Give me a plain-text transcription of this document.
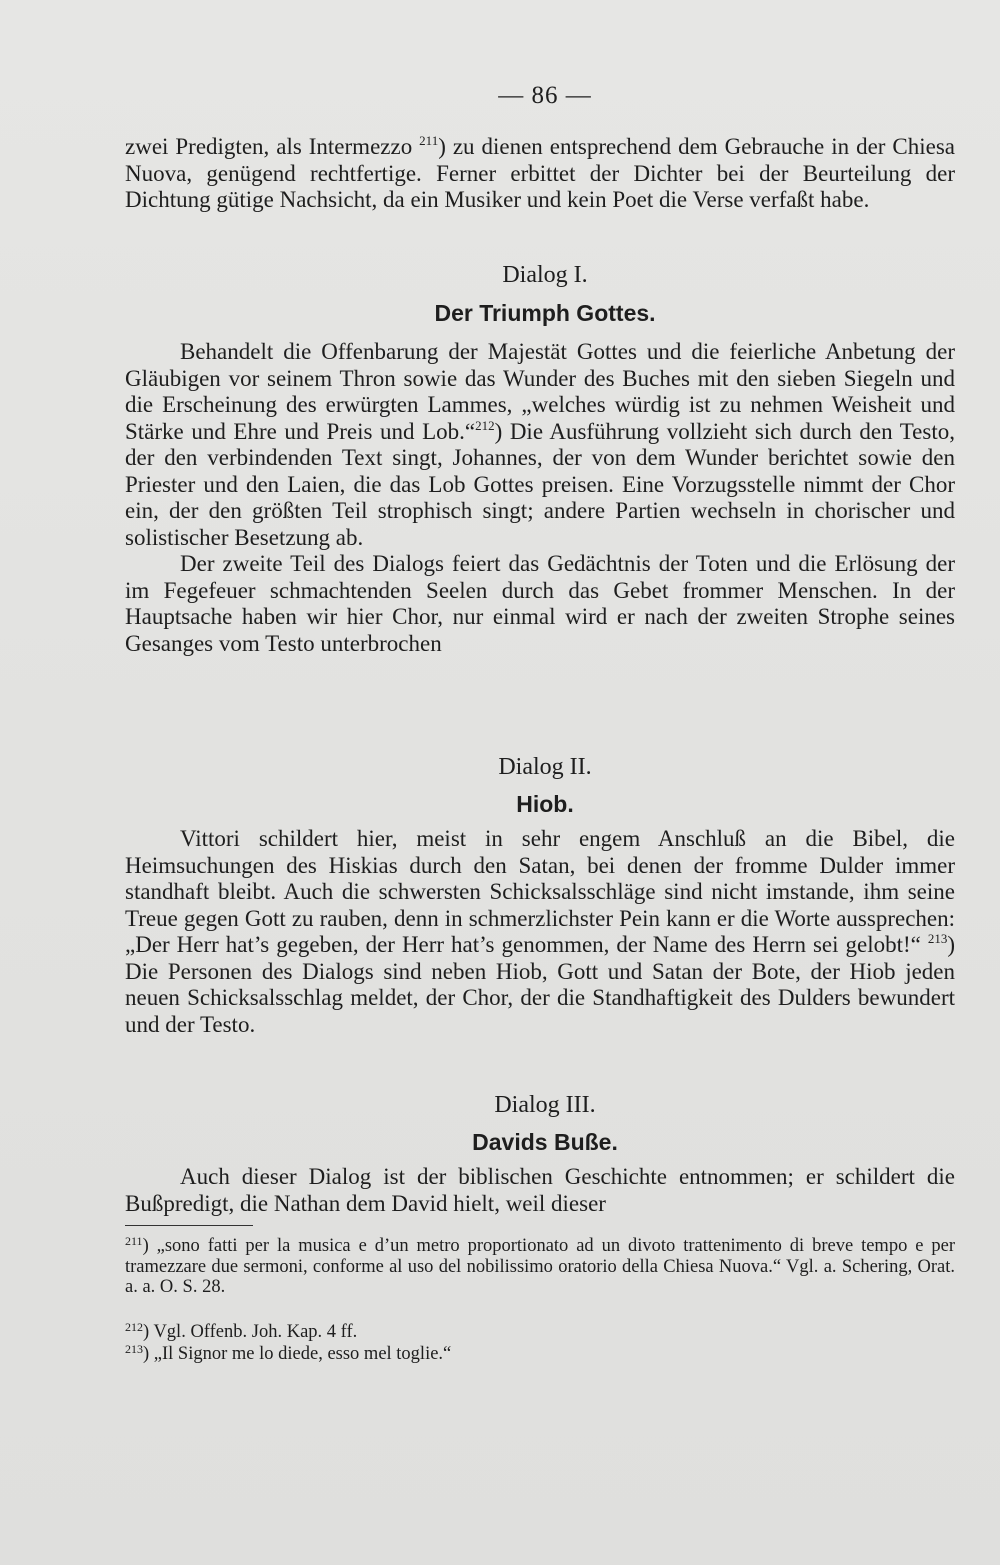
— 86 —

zwei Predigten, als Intermezzo $^{211}$) zu dienen entsprechend dem Gebrauche in der Chiesa Nuova, genügend rechtfertige. Ferner erbittet der Dichter bei der Beurteilung der Dichtung gütige Nachsicht, da ein Musiker und kein Poet die Verse verfaßt habe.

Dialog I.
Der Triumph Gottes.

Behandelt die Offenbarung der Majestät Gottes und die feierliche Anbetung der Gläubigen vor seinem Thron sowie das Wunder des Buches mit den sieben Siegeln und die Erscheinung des erwürgten Lammes, „welches würdig ist zu nehmen Weisheit und Stärke und Ehre und Preis und Lob.“$^{212}$) Die Ausführung vollzieht sich durch den Testo, der den verbindenden Text singt, Johannes, der von dem Wunder berichtet sowie den Priester und den Laien, die das Lob Gottes preisen. Eine Vorzugsstelle nimmt der Chor ein, der den größten Teil strophisch singt; andere Partien wechseln in chorischer und solistischer Besetzung ab.

Der zweite Teil des Dialogs feiert das Gedächtnis der Toten und die Erlösung der im Fegefeuer schmachtenden Seelen durch das Gebet frommer Menschen. In der Hauptsache haben wir hier Chor, nur einmal wird er nach der zweiten Strophe seines Gesanges vom Testo unterbrochen

Dialog II.
Hiob.

Vittori schildert hier, meist in sehr engem Anschluß an die Bibel, die Heimsuchungen des Hiskias durch den Satan, bei denen der fromme Dulder immer standhaft bleibt. Auch die schwersten Schicksalsschläge sind nicht imstande, ihm seine Treue gegen Gott zu rauben, denn in schmerzlichster Pein kann er die Worte aussprechen: „Der Herr hat’s gegeben, der Herr hat’s genommen, der Name des Herrn sei gelobt!“ $^{213}$) Die Personen des Dialogs sind neben Hiob, Gott und Satan der Bote, der Hiob jeden neuen Schicksalsschlag meldet, der Chor, der die Standhaftigkeit des Dulders bewundert und der Testo.

Dialog III.
Davids Buße.

Auch dieser Dialog ist der biblischen Geschichte entnommen; er schildert die Bußpredigt, die Nathan dem David hielt, weil dieser

$^{211}$) „sono fatti per la musica e d’un metro proportionato ad un divoto trattenimento di breve tempo e per tramezzare due sermoni, conforme al uso del nobilissimo oratorio della Chiesa Nuova.“ Vgl. a. Schering, Orat. a. a. O. S. 28.

$^{212}$) Vgl. Offenb. Joh. Kap. 4 ff.

$^{213}$) „Il Signor me lo diede, esso mel toglie.“
